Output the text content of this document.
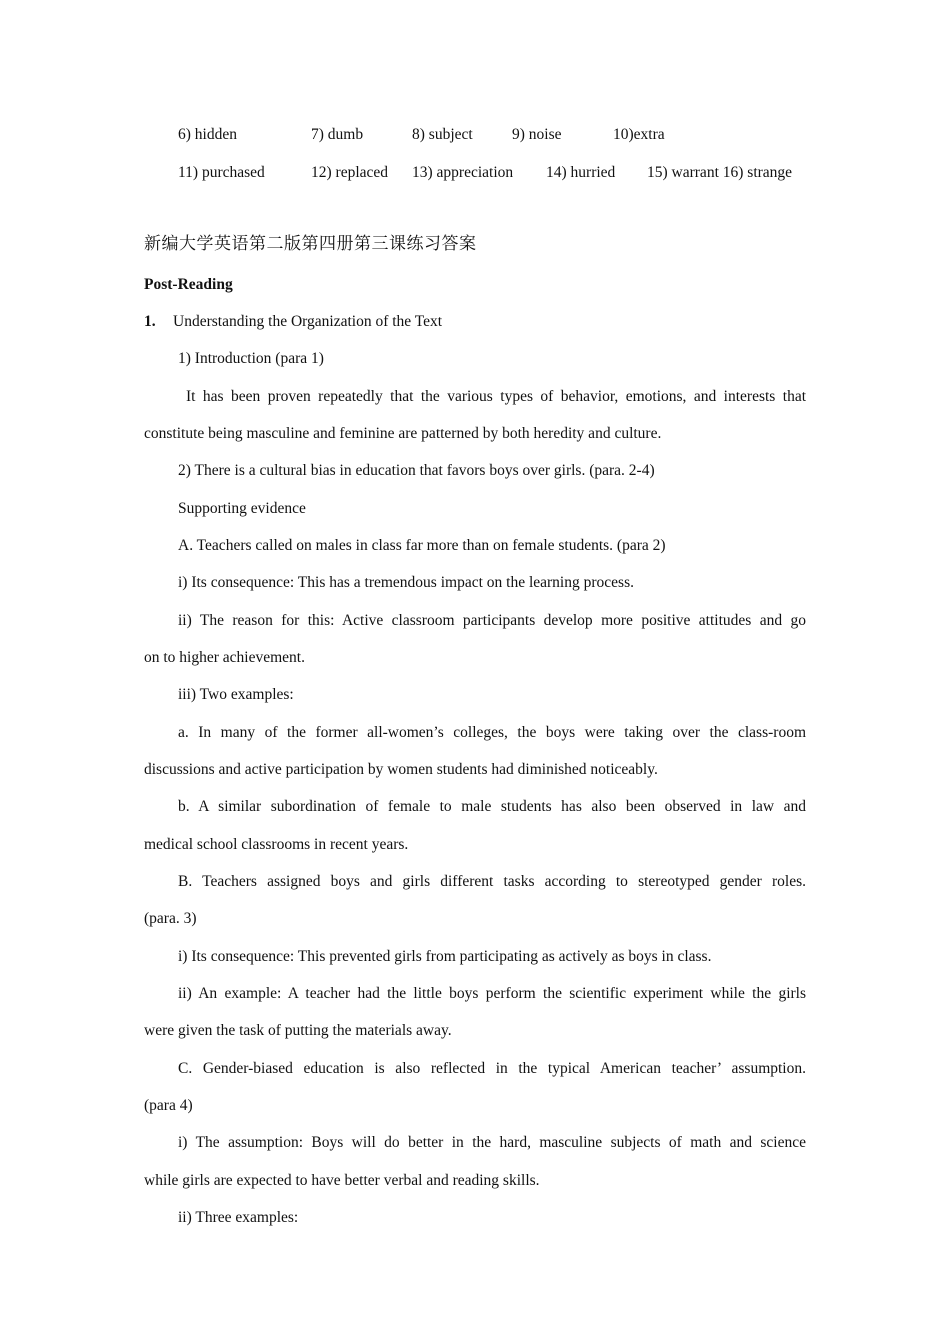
6) hidden	7) dumb	8) subject	9) noise	10)extra
11) purchased	12) replaced 13) appreciation 14) hurried 15) warrant 16) strange
新编大学英语第二版第四册第三课练习答案
Post-Reading
1. Understanding the Organization of the Text
1) Introduction (para 1)
It has been proven repeatedly that the various types of behavior, emotions, and interests that
constitute being masculine and feminine are patterned by both heredity and culture.
2) There is a cultural bias in education that favors boys over girls. (para. 2-4)
Supporting evidence
A. Teachers called on males in class far more than on female students. (para 2)
i) Its consequence: This has a tremendous impact on the learning process.
ii) The reason for this: Active classroom participants develop more positive attitudes and go
on to higher achievement.
iii) Two examples:
a. In many of the former all-women’s colleges, the boys were taking over the class-room
discussions and active participation by women students had diminished noticeably.
b. A similar subordination of female to male students has also been observed in law and
medical school classrooms in recent years.
B. Teachers assigned boys and girls different tasks according to stereotyped gender roles.
(para. 3)
i) Its consequence: This prevented girls from participating as actively as boys in class.
ii) An example: A teacher had the little boys perform the scientific experiment while the girls
were given the task of putting the materials away.
C. Gender-biased education is also reflected in the typical American teacher’ assumption.
(para 4)
i) The assumption: Boys will do better in the hard, masculine subjects of math and science
while girls are expected to have better verbal and reading skills.
ii) Three examples:
